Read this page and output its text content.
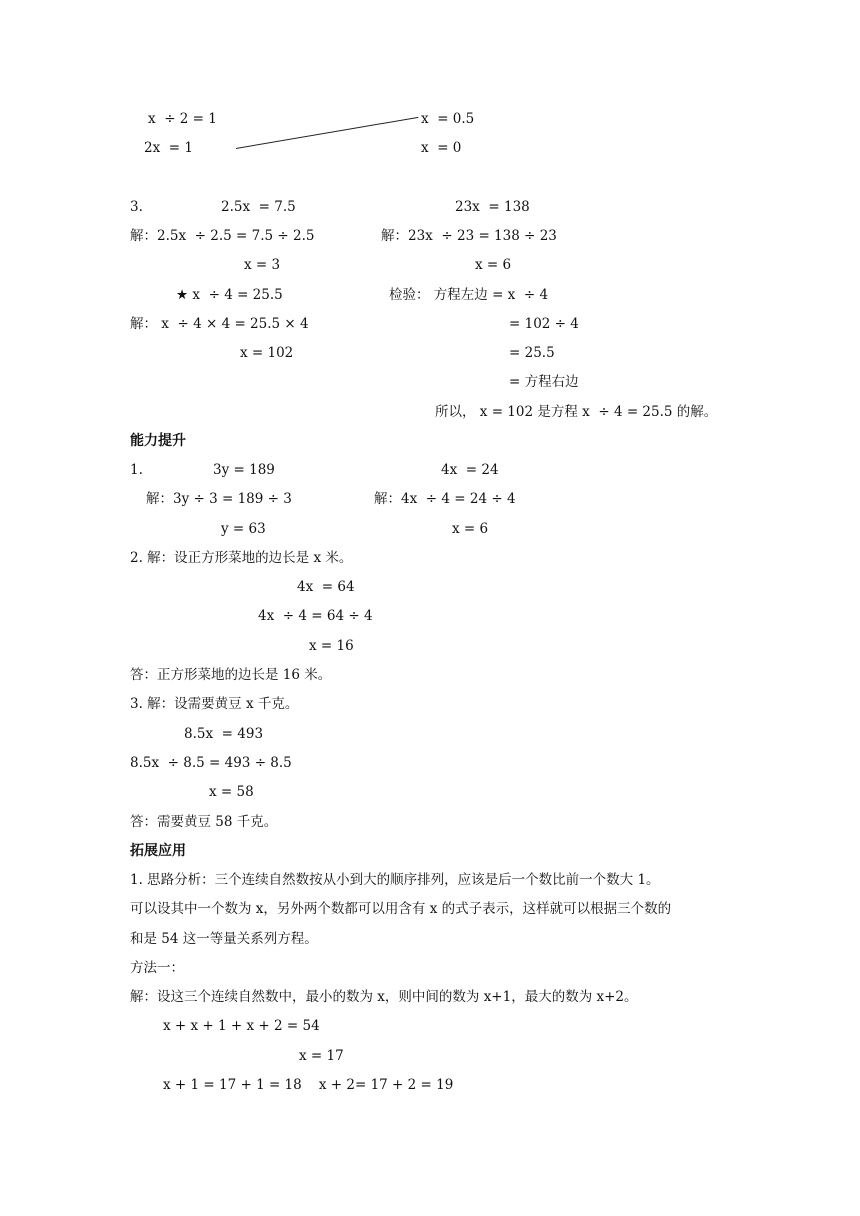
x  ÷ 2 = 1
2x  = 1
x  = 0.5
x  = 0
3.	2.5x  = 7.5	23x  = 138
解：2.5x  ÷ 2.5 = 7.5 ÷ 2.5	解：23x  ÷ 23 = 138 ÷ 23
x = 3	x = 6
★ x  ÷ 4 = 25.5	检验： 方程左边 = x  ÷ 4
解： x  ÷ 4 × 4 = 25.5 × 4	= 102 ÷ 4
x = 102	= 25.5
= 方程右边
所以， x = 102 是方程 x  ÷ 4 = 25.5 的解。
能力提升
1.	3y = 189	4x  = 24
解：3y ÷ 3 = 189 ÷ 3	解：4x  ÷ 4 = 24 ÷ 4
y = 63	x = 6
2. 解：设正方形菜地的边长是 x 米。
4x  = 64
4x  ÷ 4 = 64 ÷ 4
x = 16
答：正方形菜地的边长是 16 米。
3. 解：设需要黄豆 x 千克。
8.5x  = 493
8.5x  ÷ 8.5 = 493 ÷ 8.5
x = 58
答：需要黄豆 58 千克。
拓展应用
1. 思路分析：三个连续自然数按从小到大的顺序排列，应该是后一个数比前一个数大 1。
可以设其中一个数为 x，另外两个数都可以用含有 x 的式子表示，这样就可以根据三个数的
和是 54 这一等量关系列方程。
方法一：
解：设这三个连续自然数中，最小的数为 x，则中间的数为 x+1，最大的数为 x+2。
x + x + 1 + x + 2 = 54
x = 17
x + 1 = 17 + 1 = 18    x + 2= 17 + 2 = 19
